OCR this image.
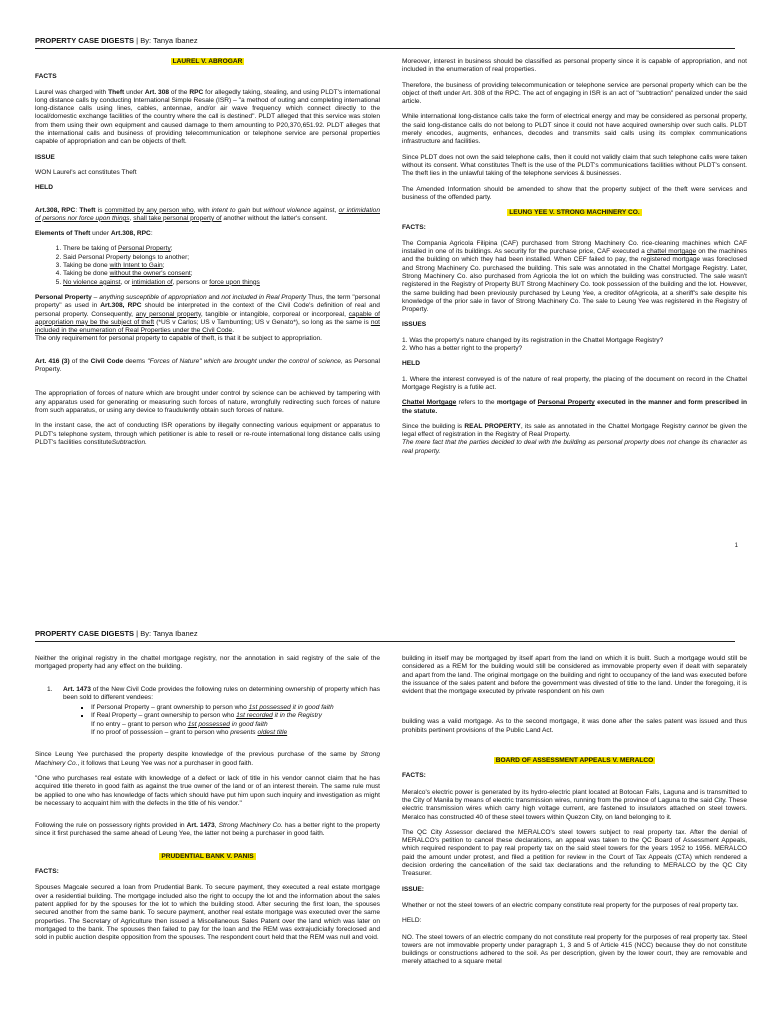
PROPERTY CASE DIGESTS | By: Tanya Ibanez

LAUREL V. ABROGAR

FACTS

Laurel was charged with Theft under Art. 308 of the RPC for allegedly taking, stealing, and using PLDT's international long distance calls by conducting International Simple Resale (ISR) – "a method of outing and completing international long-distance calls using lines, cables, antennae, and/or air wave frequency which connect directly to the local/domestic exchange facilities of the country where the call is destined". PLDT alleged that this service was stolen from them using their own equipment and caused damage to them amounting to P20,370,651.92. PLDT alleges that the international calls and business of providing telecommunication or telephone service are personal properties capable of appropriation and can be objects of theft.

ISSUE

WON Laurel's act constitutes Theft

HELD

Art.308, RPC: Theft is committed by any person who, with intent to gain but without violence against, or intimidation of persons nor force upon things, shall take personal property of another without the latter's consent.

Elements of Theft under Art.308, RPC:

1. There be taking of Personal Property;
2. Said Personal Property belongs to another;
3. Taking be done with Intent to Gain;
4. Taking be done without the owner's consent;
5. No violence against, or intimidation of, persons or force upon things

Personal Property – anything susceptible of appropriation and not included in Real Property Thus, the term "personal property" as used in Art.308, RPC should be interpreted in the context of the Civil Code's definition of real and personal property. Consequently, any personal property, tangible or intangible, corporeal or incorporeal, capable of appropriation may be the subject of theft (*US v Carlos; US v Tambunting; US v Genato*), so long as the same is not included in the enumeration of Real Properties under the Civil Code.

The only requirement for personal property to capable of theft, is that it be subject to appropriation.

Art. 416 (3) of the Civil Code deems "Forces of Nature" which are brought under the control of science, as Personal Property.

The appropriation of forces of nature which are brought under control by science can be achieved by tampering with any apparatus used for generating or measuring such forces of nature, wrongfully redirecting such forces of nature from such apparatus, or using any device to fraudulently obtain such forces of nature.

In the instant case, the act of conducting ISR operations by illegally connecting various equipment or apparatus to PLDT's telephone system, through which petitioner is able to resell or re-route international long distance calls using PLDT's facilities constituteSubtraction.

Moreover, interest in business should be classified as personal property since it is capable of appropriation, and not included in the enumeration of real properties.

Therefore, the business of providing telecommunication or telephone service are personal property which can be the object of theft under Art. 308 of the RPC. The act of engaging in ISR is an act of "subtraction" penalized under the said article.

While international long-distance calls take the form of electrical energy and may be considered as personal property, the said long-distance calls do not belong to PLDT since it could not have acquired ownership over such calls. PLDT merely encodes, augments, enhances, decodes and transmits said calls using its complex communications infrastructure and facilities.

Since PLDT does not own the said telephone calls, then it could not validly claim that such telephone calls were taken without its consent. What constitutes Theft is the use of the PLDT's communications facilities without PLDT's consent. The theft lies in the unlawful taking of the telephone services & businesses.

The Amended Information should be amended to show that the property subject of the theft were services and business of the offended party.

LEUNG YEE V. STRONG MACHINERY CO.

FACTS:

The Compania Agricola Filipina (CAF) purchased from Strong Machinery Co. rice-cleaning machines which CAF installed in one of its buildings. As security for the purchase price, CAF executed a chattel mortgage on the machines and the building on which they had been installed. When CEF failed to pay, the registered mortgage was foreclosed and Strong Machinery Co. purchased the building. This sale was annotated in the Chattel Mortgage Registry. Later, Strong Machinery Co. also purchased from Agricola the lot on which the building was constructed. The sale wasn't registered in the Registry of Property BUT Strong Machinery Co. took possession of the building and the lot. However, the same building had been previously purchased by Leung Yee, a creditor ofAgricola, at a sheriff's sale despite his knowledge of the prior sale in favor of Strong Machinery Co. The sale to Leung Yee was registered in the Registry of Property.

ISSUES

1. Was the property's nature changed by its registration in the Chattel Mortgage Registry?

2. Who has a better right to the property?

HELD

1. Where the interest conveyed is of the nature of real property, the placing of the document on record in the Chattel Mortgage Registry is a futile act.

Chattel Mortgage refers to the mortgage of Personal Property executed in the manner and form prescribed in the statute.

Since the building is REAL PROPERTY, its sale as annotated in the Chattel Mortgage Registry cannot be given the legal effect of registration in the Registry of Real Property.
The mere fact that the parties decided to deal with the building as personal property does not change its character as real property.

1
PROPERTY CASE DIGESTS | By: Tanya Ibanez

Neither the original registry in the chattel mortgage registry, nor the annotation in said registry of the sale of the mortgaged property had any effect on the building.

1. Art. 1473 of the New Civil Code provides the following rules on determining ownership of property which has been sold to different vendees:
▪ If Personal Property – grant ownership to person who 1st possessed it in good faith
▪ If Real Property – grant ownership to person who 1st recorded it in the Registry
If no entry – grant to person who 1st possessed in good faith
If no proof of possession – grant to person who presents oldest title

Since Leung Yee purchased the property despite knowledge of the previous purchase of the same by Strong Machinery Co., it follows that Leung Yee was not a purchaser in good faith.

"One who purchases real estate with knowledge of a defect or lack of title in his vendor cannot claim that he has acquired title thereto in good faith as against the true owner of the land or of an interest therein. The same rule must be applied to one who has knowledge of facts which should have put him upon such inquiry and investigation as might be necessary to acquaint him with the defects in the title of his vendor."

Following the rule on possessory rights provided in Art. 1473, Strong Machinery Co. has a better right to the property since it first purchased the same ahead of Leung Yee, the latter not being a purchaser in good faith.

PRUDENTIAL BANK V. PANIS

FACTS:

Spouses Magcale secured a loan from Prudential Bank. To secure payment, they executed a real estate mortgage over a residential building. The mortgage included also the right to occupy the lot and the information about the sales patent applied for by the spouses for the lot to which the building stood. After securing the first loan, the spouses secured another from the same bank. To secure payment, another real estate mortgage was executed over the same properties. The Secretary of Agriculture then issued a Miscellaneous Sales Patent over the land which was later on mortgaged to the bank. The spouses then failed to pay for the loan and the REM was extrajudicially foreclosed and sold in public auction despite opposition from the spouses. The respondent court held that the REM was null and void.

building in itself may be mortgaged by itself apart from the land on which it is built. Such a mortgage would still be considered as a REM for the building would still be considered as immovable property even if dealt with separately and apart from the land. The original mortgage on the building and right to occupancy of the land was executed before the issuance of the sales patent and before the government was divested of title to the land. Under the foregoing, it is evident that the mortgage executed by private respondent on his own

building was a valid mortgage. As to the second mortgage, it was done after the sales patent was issued and thus prohibits pertinent provisions of the Public Land Act.

BOARD OF ASSESSMENT APPEALS V. MERALCO

FACTS:

Meralco's electric power is generated by its hydro-electric plant located at Botocan Falls, Laguna and is transmitted to the City of Manila by means of electric transmission wires, running from the province of Laguna to the said City. These electric transmission wires which carry high voltage current, are fastened to insulators attached on steel towers. Meralco has constructed 40 of these steel towers within Quezon City, on land belonging to it.

The QC City Assessor declared the MERALCO's steel towers subject to real property tax. After the denial of MERALCO's petition to cancel these declarations, an appeal was taken to the QC Board of Assessment Appeals, which required respondent to pay real property tax on the said steel towers for the years 1952 to 1956. MERALCO paid the amount under protest, and filed a petition for review in the Court of Tax Appeals (CTA) which rendered a decision ordering the cancellation of the said tax declarations and the refunding to MERALCO by the QC City Treasurer.

ISSUE:

Whether or not the steel towers of an electric company constitute real property for the purposes of real property tax.

HELD:

NO. The steel towers of an electric company do not constitute real property for the purposes of real property tax. Steel towers are not immovable property under paragraph 1, 3 and 5 of Article 415 (NCC) because they do not constitute buildings or constructions adhered to the soil. As per description, given by the lower court, they are removable and merely attached to a square metal
